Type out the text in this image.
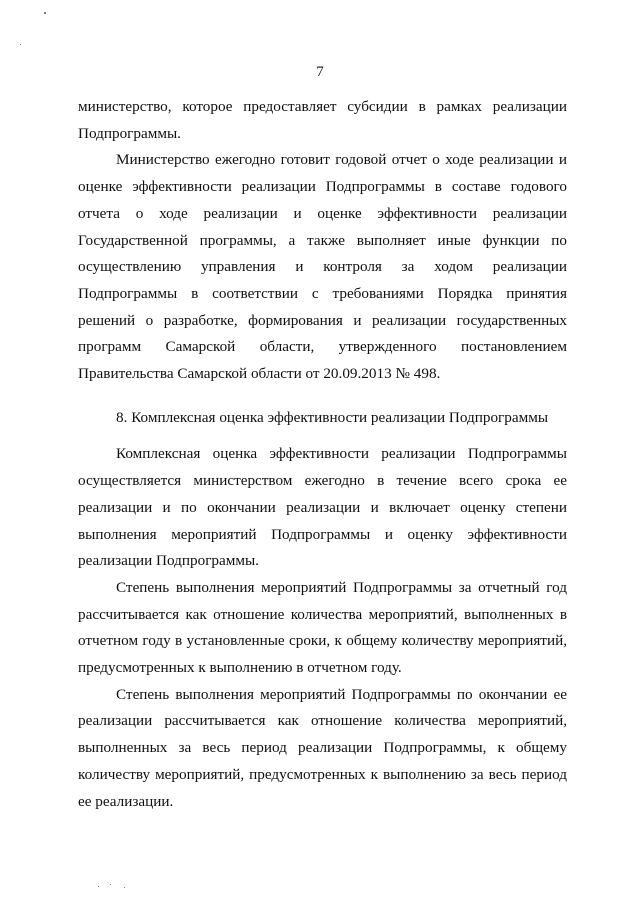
7

министерство, которое предоставляет субсидии в рамках реализации Подпрограммы.

Министерство ежегодно готовит годовой отчет о ходе реализации и оценке эффективности реализации Подпрограммы в составе годового отчета о ходе реализации и оценке эффективности реализации Государственной программы, а также выполняет иные функции по осуществлению управления и контроля за ходом реализации Подпрограммы в соответствии с требованиями Порядка принятия решений о разработке, формирования и реализации государственных программ Самарской области, утвержденного постановлением Правительства Самарской области от 20.09.2013 № 498.

8. Комплексная оценка эффективности реализации Подпрограммы

Комплексная оценка эффективности реализации Подпрограммы осуществляется министерством ежегодно в течение всего срока ее реализации и по окончании реализации и включает оценку степени выполнения мероприятий Подпрограммы и оценку эффективности реализации Подпрограммы.

Степень выполнения мероприятий Подпрограммы за отчетный год рассчитывается как отношение количества мероприятий, выполненных в отчетном году в установленные сроки, к общему количеству мероприятий, предусмотренных к выполнению в отчетном году.

Степень выполнения мероприятий Подпрограммы по окончании ее реализации рассчитывается как отношение количества мероприятий, выполненных за весь период реализации Подпрограммы, к общему количеству мероприятий, предусмотренных к выполнению за весь период ее реализации.
